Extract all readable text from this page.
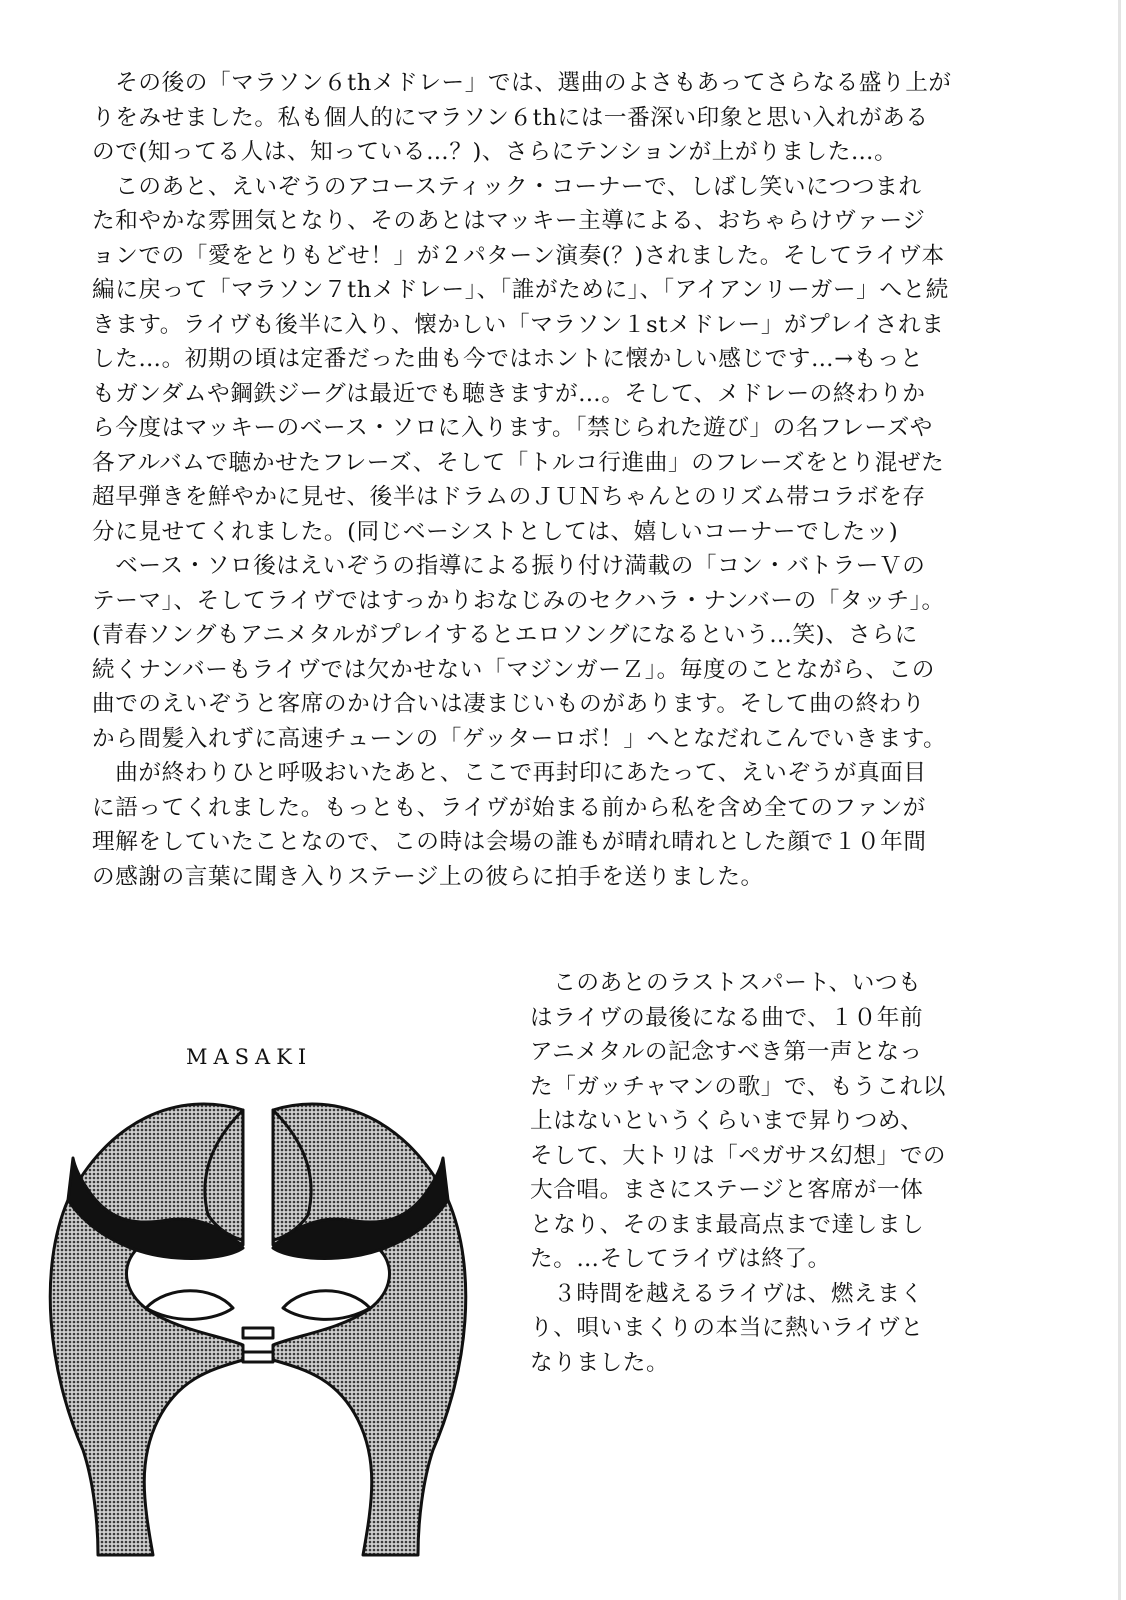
　その後の「マラソン６thメドレー」では、選曲のよさもあってさらなる盛り上が
りをみせました。私も個人的にマラソン６thには一番深い印象と思い入れがある
ので(知ってる人は、知っている…？)、さらにテンションが上がりました…。
　このあと、えいぞうのアコースティック・コーナーで、しばし笑いにつつまれ
た和やかな雰囲気となり、そのあとはマッキー主導による、おちゃらけヴァージ
ョンでの「愛をとりもどせ！」が２パターン演奏(？)されました。そしてライヴ本
編に戻って「マラソン７thメドレー」、「誰がために」、「アイアンリーガー」へと続
きます。ライヴも後半に入り、懐かしい「マラソン１stメドレー」がプレイされま
した…。初期の頃は定番だった曲も今ではホントに懐かしい感じです…→もっと
もガンダムや鋼鉄ジーグは最近でも聴きますが…。そして、メドレーの終わりか
ら今度はマッキーのベース・ソロに入ります。「禁じられた遊び」の名フレーズや
各アルバムで聴かせたフレーズ、そして「トルコ行進曲」のフレーズをとり混ぜた
超早弾きを鮮やかに見せ、後半はドラムのＪＵＮちゃんとのリズム帯コラボを存
分に見せてくれました。(同じベーシストとしては、嬉しいコーナーでしたッ)
　ベース・ソロ後はえいぞうの指導による振り付け満載の「コン・バトラーＶの
テーマ」、そしてライヴではすっかりおなじみのセクハラ・ナンバーの「タッチ」。
(青春ソングもアニメタルがプレイするとエロソングになるという…笑)、さらに
続くナンバーもライヴでは欠かせない「マジンガーＺ」。毎度のことながら、この
曲でのえいぞうと客席のかけ合いは凄まじいものがあります。そして曲の終わり
から間髪入れずに高速チューンの「ゲッターロボ！」へとなだれこんでいきます。
　曲が終わりひと呼吸おいたあと、ここで再封印にあたって、えいぞうが真面目
に語ってくれました。もっとも、ライヴが始まる前から私を含め全てのファンが
理解をしていたことなので、この時は会場の誰もが晴れ晴れとした顔で１０年間
の感謝の言葉に聞き入りステージ上の彼らに拍手を送りました。
　このあとのラストスパート、いつも
はライヴの最後になる曲で、１０年前
アニメタルの記念すべき第一声となっ
た「ガッチャマンの歌」で、もうこれ以
上はないというくらいまで昇りつめ、
そして、大トリは「ペガサス幻想」での
大合唱。まさにステージと客席が一体
となり、そのまま最高点まで達しまし
た。…そしてライヴは終了。
　３時間を越えるライヴは、燃えまく
り、唄いまくりの本当に熱いライヴと
なりました。
MASAKI
